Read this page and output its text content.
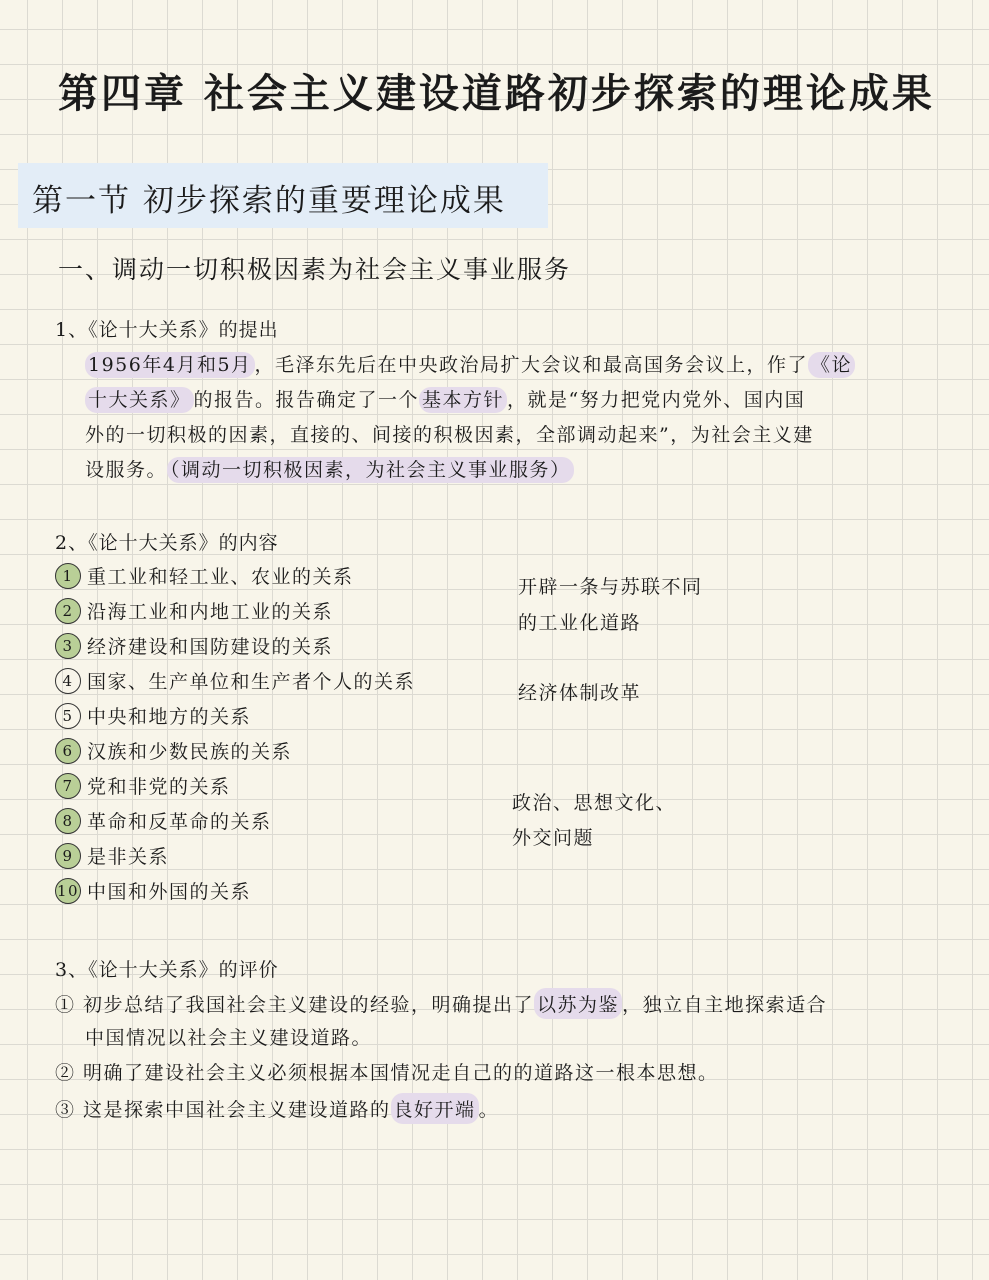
第四章 社会主义建设道路初步探索的理论成果
第一节 初步探索的重要理论成果
一、调动一切积极因素为社会主义事业服务
1、《论十大关系》的提出
1956年4月和5月 ，毛泽东先后在中央政治局扩大会议和最高国务会议上，作了 《论
十大关系》 的报告。报告确定了一个 基本方针 ，就是“努力把党内党外、国内国
外的一切积极的因素，直接的、间接的积极因素，全部调动起来”，为社会主义建
设服务。 （调动一切积极因素，为社会主义事业服务）
2、《论十大关系》的内容
1 重工业和轻工业、农业的关系
2 沿海工业和内地工业的关系
3 经济建设和国防建设的关系
4 国家、生产单位和生产者个人的关系
5 中央和地方的关系
6 汉族和少数民族的关系
7 党和非党的关系
8 革命和反革命的关系
9 是非关系
10 中国和外国的关系
开辟一条与苏联不同
的工业化道路
经济体制改革
政治、思想文化、
外交问题
3、《论十大关系》的评价
① 初步总结了我国社会主义建设的经验，明确提出了 以苏为鉴 ，独立自主地探索适合
中国情况以社会主义建设道路。
② 明确了建设社会主义必须根据本国情况走自己的的道路这一根本思想。
③ 这是探索中国社会主义建设道路的 良好开端 。
